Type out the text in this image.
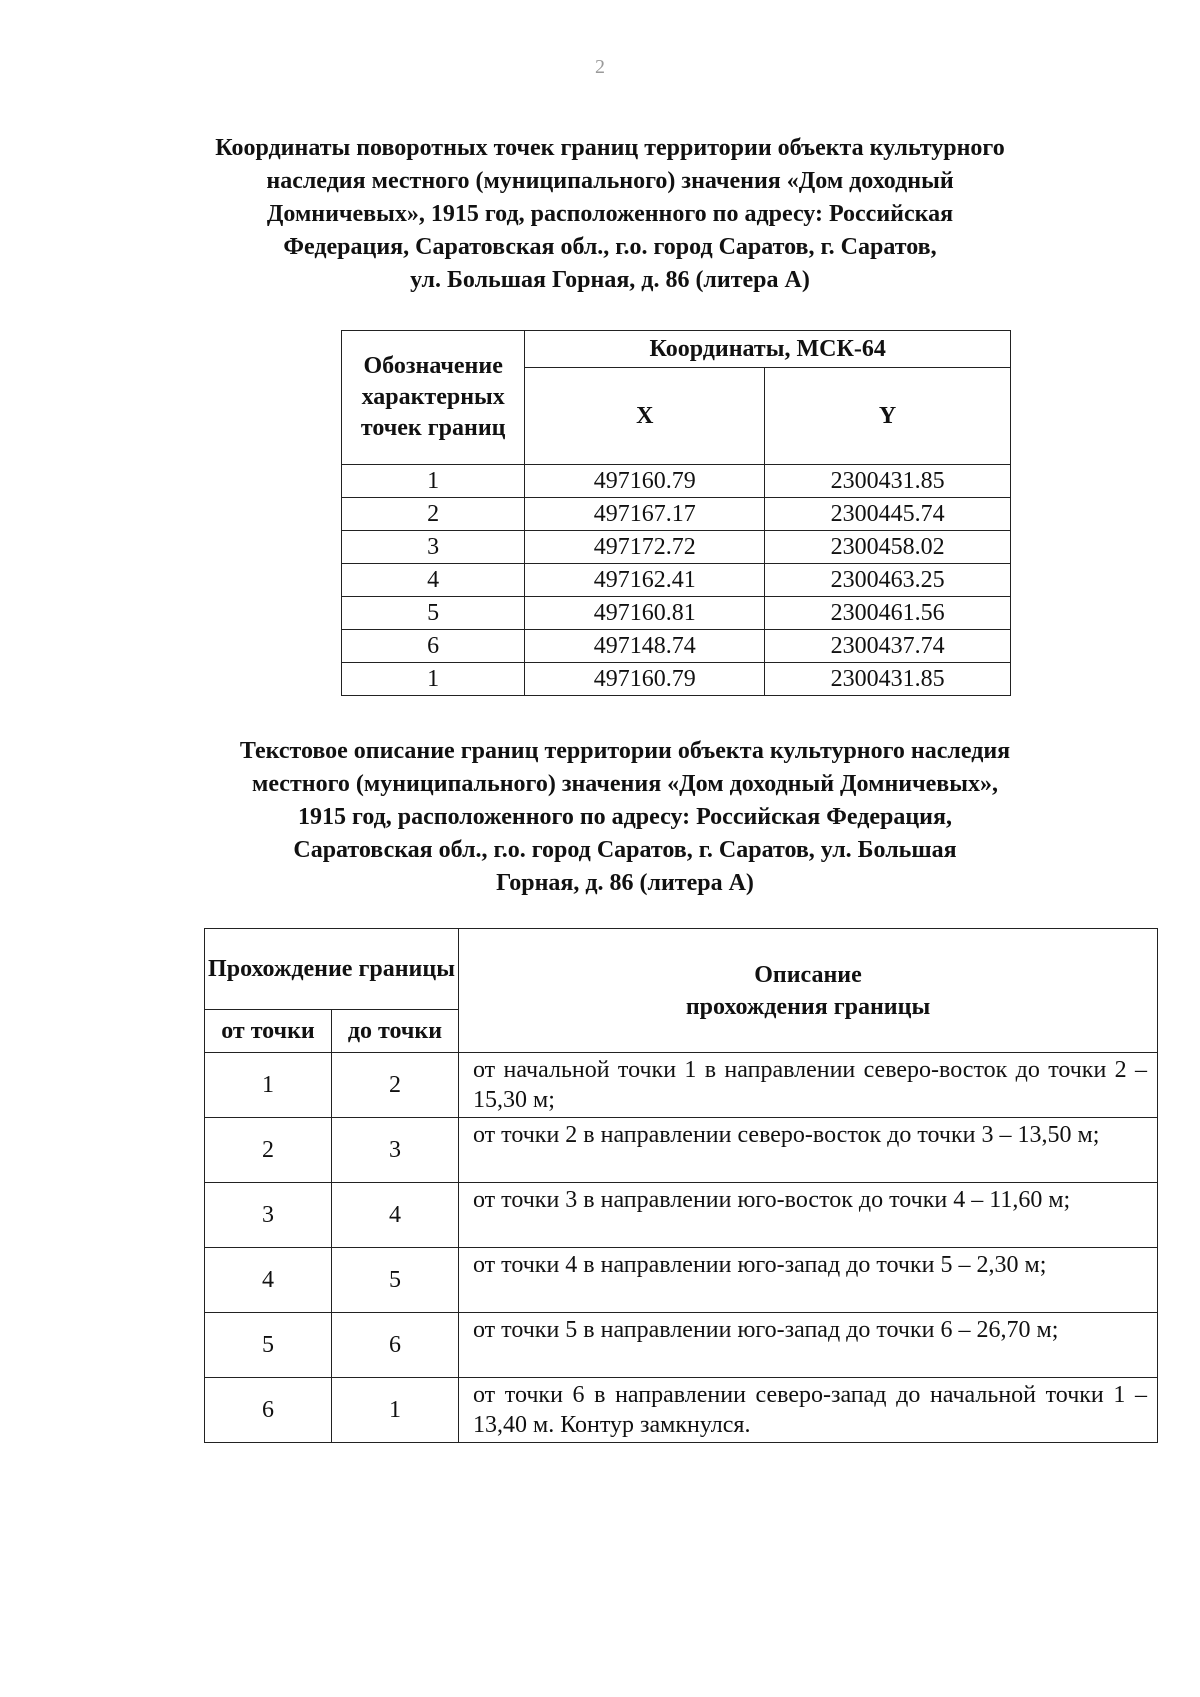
2
Координаты поворотных точек границ территории объекта культурного
наследия местного (муниципального) значения «Дом доходный
Домничевых», 1915 год, расположенного по адресу: Российская
Федерация, Саратовская обл., г.о. город Саратов, г. Саратов,
ул. Большая Горная, д. 86 (литера А)
Обозначение характерных точек границ	Координаты, МСК-64	
	X	Y
1	497160.79	2300431.85
2	497167.17	2300445.74
3	497172.72	2300458.02
4	497162.41	2300463.25
5	497160.81	2300461.56
6	497148.74	2300437.74
1	497160.79	2300431.85
Текстовое описание границ территории объекта культурного наследия
местного (муниципального) значения «Дом доходный Домничевых»,
1915 год, расположенного по адресу: Российская Федерация,
Саратовская обл., г.о. город Саратов, г. Саратов, ул. Большая
Горная, д. 86 (литера А)
Прохождение границы		Описание
прохождения границы

от точки	до точки	
1	2	от начальной точки 1 в направлении северо-восток до точки 2 – 15,30 м;
2	3	от точки 2 в направлении северо-восток до точки 3 – 13,50 м;
3	4	от точки 3 в направлении юго-восток до точки 4 – 11,60 м;
4	5	от точки 4 в направлении юго-запад до точки 5 – 2,30 м;
5	6	от точки 5 в направлении юго-запад до точки 6 – 26,70 м;
6	1	от точки 6 в направлении северо-запад до начальной точки 1 – 13,40 м. Контур замкнулся.
